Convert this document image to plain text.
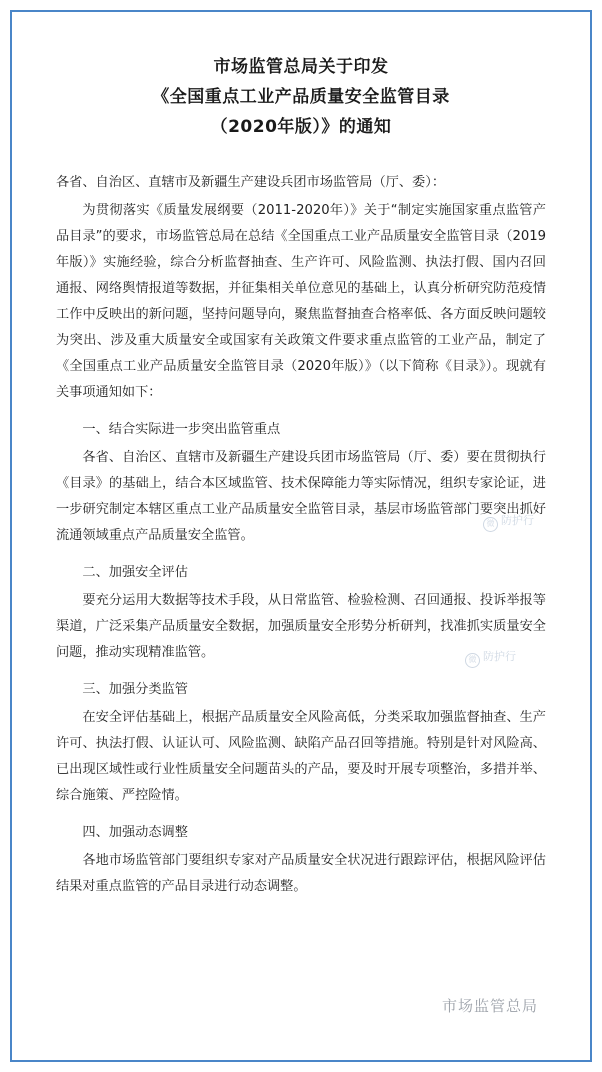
市场监管总局关于印发
《全国重点工业产品质量安全监管目录
（2020年版）》的通知

各省、自治区、直辖市及新疆生产建设兵团市场监管局（厅、委）：

为贯彻落实《质量发展纲要（2011-2020年）》关于“制定实施国家重点监管产品目录”的要求，市场监管总局在总结《全国重点工业产品质量安全监管目录（2019年版）》实施经验，综合分析监督抽查、生产许可、风险监测、执法打假、国内召回通报、网络舆情报道等数据，并征集相关单位意见的基础上，认真分析研究防范疫情工作中反映出的新问题，坚持问题导向，聚焦监督抽查合格率低、各方面反映问题较为突出、涉及重大质量安全或国家有关政策文件要求重点监管的工业产品，制定了《全国重点工业产品质量安全监管目录（2020年版）》（以下简称《目录》）。现就有关事项通知如下：

一、结合实际进一步突出监管重点

各省、自治区、直辖市及新疆生产建设兵团市场监管局（厅、委）要在贯彻执行《目录》的基础上，结合本区域监管、技术保障能力等实际情况，组织专家论证，进一步研究制定本辖区重点工业产品质量安全监管目录，基层市场监管部门要突出抓好流通领域重点产品质量安全监管。

二、加强安全评估

要充分运用大数据等技术手段，从日常监管、检验检测、召回通报、投诉举报等渠道，广泛采集产品质量安全数据，加强质量安全形势分析研判，找准抓实质量安全问题，推动实现精准监管。

三、加强分类监管

在安全评估基础上，根据产品质量安全风险高低，分类采取加强监督抽查、生产许可、执法打假、认证认可、风险监测、缺陷产品召回等措施。特别是针对风险高、已出现区域性或行业性质量安全问题苗头的产品，要及时开展专项整治，多措并举、综合施策、严控险情。

四、加强动态调整

各地市场监管部门要组织专家对产品质量安全状况进行跟踪评估，根据风险评估结果对重点监管的产品目录进行动态调整。

微 防护行
微 防护行
市场监管总局
